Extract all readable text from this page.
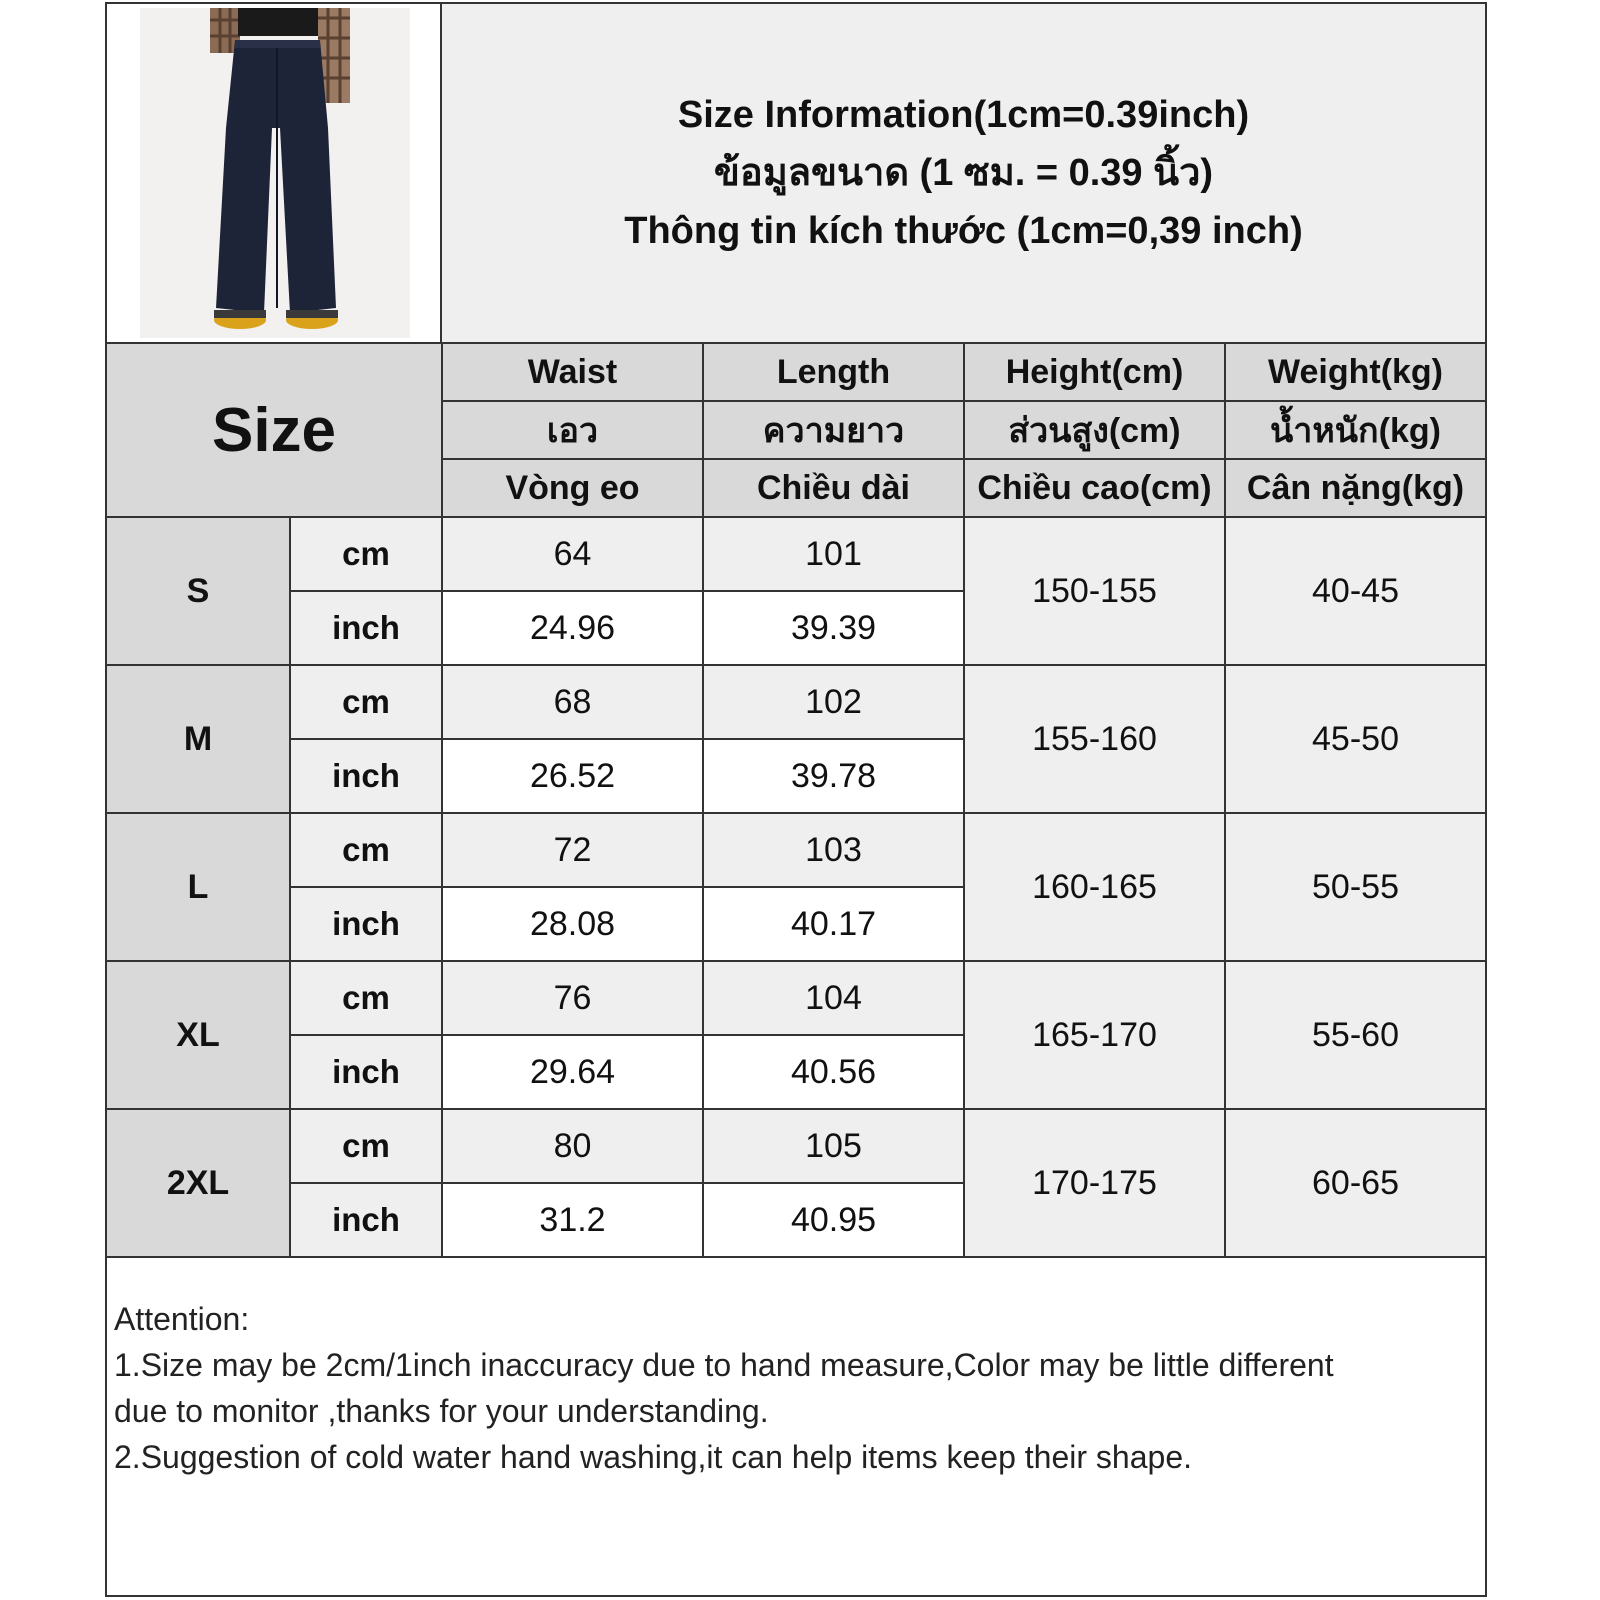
Size Information(1cm=0.39inch)
ข้อมูลขนาด (1 ซม. = 0.39 นิ้ว)
Thông tin kích thước (1cm=0,39 inch)
Size		Waist	Length	Height(cm)	Weight(kg)
		เอว	ความยาว	ส่วนสูง(cm)	น้ำหนัก(kg)
		Vòng eo	Chiều dài	Chiều cao(cm)	Cân nặng(kg)
S	cm	64	101	150-155	40-45
	inch	24.96	39.39		
M	cm	68	102	155-160	45-50
	inch	26.52	39.78		
L	cm	72	103	160-165	50-55
	inch	28.08	40.17		
XL	cm	76	104	165-170	55-60
	inch	29.64	40.56		
2XL	cm	80	105	170-175	60-65
	inch	31.2	40.95		
Attention:
1.Size may be 2cm/1inch inaccuracy due to hand measure,Color may be little different
due to monitor ,thanks for your understanding.
2.Suggestion of cold water hand washing,it can help items keep their shape.
